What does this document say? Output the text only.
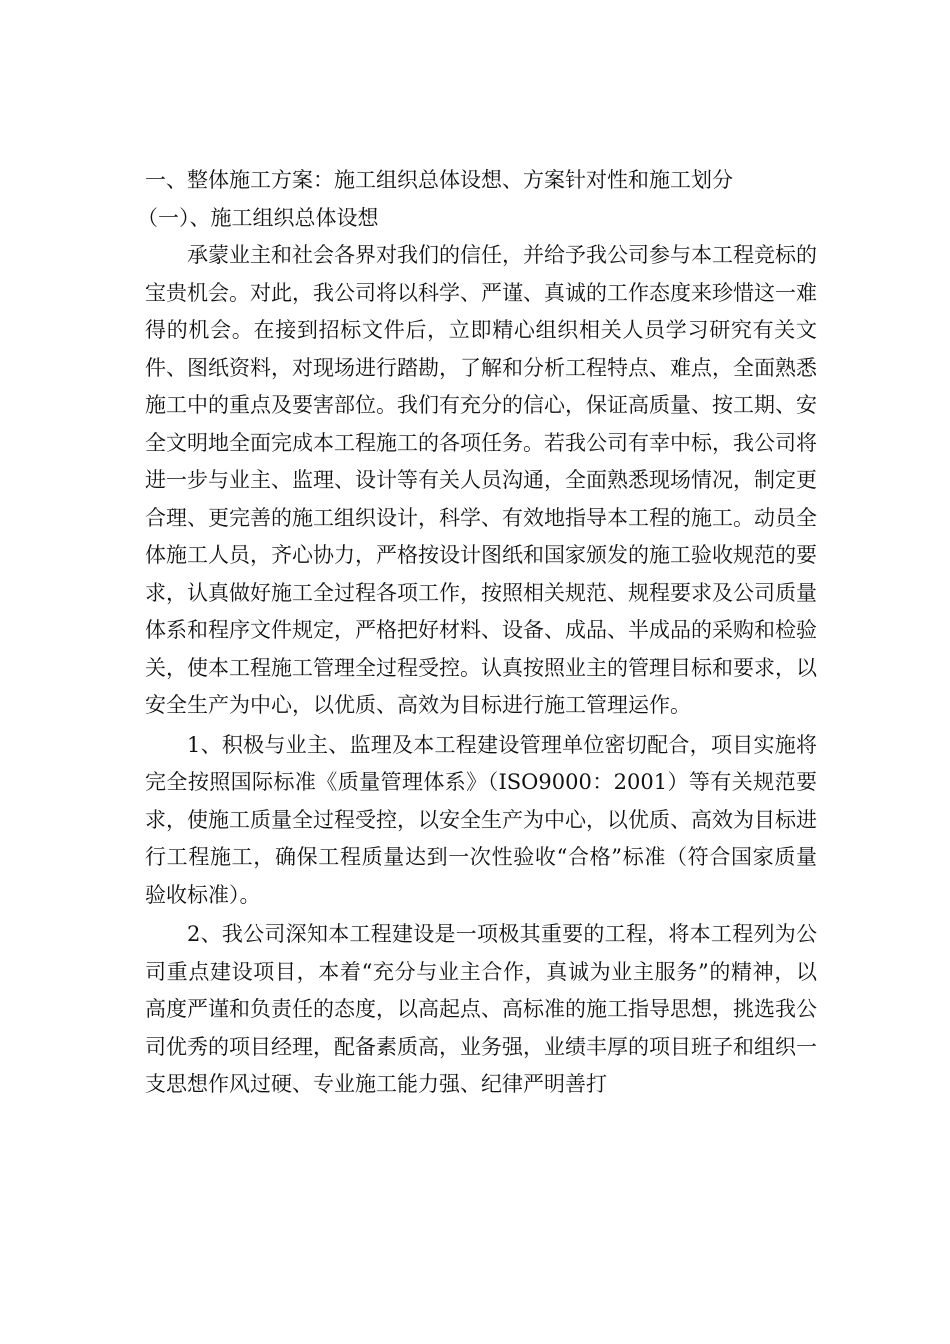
一、整体施工方案：施工组织总体设想、方案针对性和施工划分

（一）、施工组织总体设想

承蒙业主和社会各界对我们的信任，并给予我公司参与本工程竞标的宝贵机会。对此，我公司将以科学、严谨、真诚的工作态度来珍惜这一难得的机会。在接到招标文件后，立即精心组织相关人员学习研究有关文件、图纸资料，对现场进行踏勘，了解和分析工程特点、难点，全面熟悉施工中的重点及要害部位。我们有充分的信心，保证高质量、按工期、安全文明地全面完成本工程施工的各项任务。若我公司有幸中标，我公司将进一步与业主、监理、设计等有关人员沟通，全面熟悉现场情况，制定更合理、更完善的施工组织设计，科学、有效地指导本工程的施工。动员全体施工人员，齐心协力，严格按设计图纸和国家颁发的施工验收规范的要求，认真做好施工全过程各项工作，按照相关规范、规程要求及公司质量体系和程序文件规定，严格把好材料、设备、成品、半成品的采购和检验关，使本工程施工管理全过程受控。认真按照业主的管理目标和要求，以安全生产为中心，以优质、高效为目标进行施工管理运作。

1、积极与业主、监理及本工程建设管理单位密切配合，项目实施将完全按照国际标准《质量管理体系》（ISO9000：2001）等有关规范要求，使施工质量全过程受控，以安全生产为中心，以优质、高效为目标进行工程施工，确保工程质量达到一次性验收“合格”标准（符合国家质量验收标准）。

2、我公司深知本工程建设是一项极其重要的工程，将本工程列为公司重点建设项目，本着“充分与业主合作，真诚为业主服务”的精神，以高度严谨和负责任的态度，以高起点、高标准的施工指导思想，挑选我公司优秀的项目经理，配备素质高，业务强，业绩丰厚的项目班子和组织一支思想作风过硬、专业施工能力强、纪律严明善打
